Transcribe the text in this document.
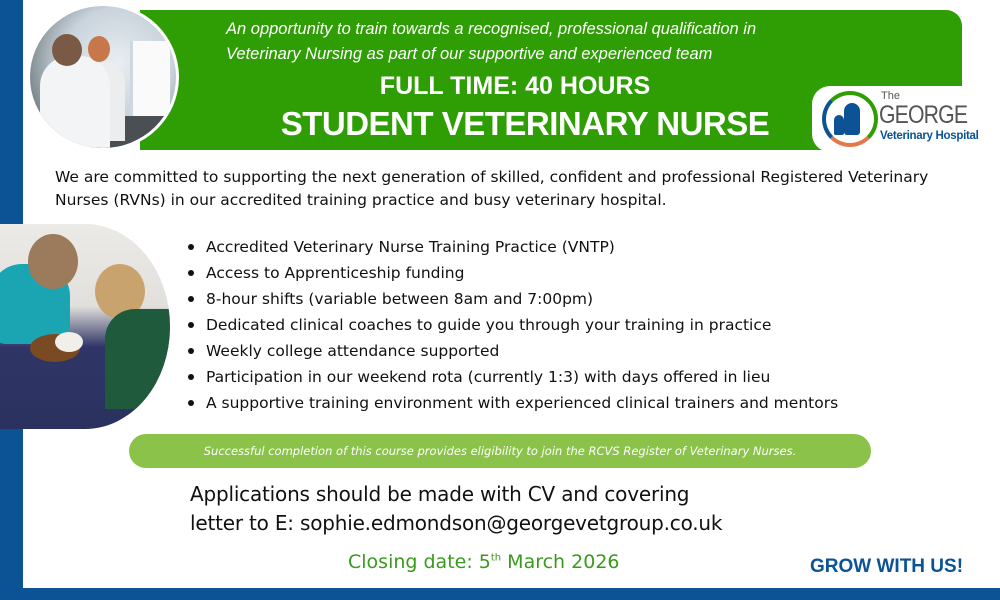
An opportunity to train towards a recognised, professional qualification in Veterinary Nursing as part of our supportive and experienced team
FULL TIME: 40 HOURS
STUDENT VETERINARY NURSE
The
GEORGE
Veterinary Hospital

We are committed to supporting the next generation of skilled, confident and professional Registered Veterinary Nurses (RVNs) in our accredited training practice and busy veterinary hospital.

Accredited Veterinary Nurse Training Practice (VNTP)
Access to Apprenticeship funding
8-hour shifts (variable between 8am and 7:00pm)
Dedicated clinical coaches to guide you through your training in practice
Weekly college attendance supported
Participation in our weekend rota (currently 1:3) with days offered in lieu
A supportive training environment with experienced clinical trainers and mentors
Successful completion of this course provides eligibility to join the RCVS Register of Veterinary Nurses.
Applications should be made with CV and covering
letter to E: sophie.edmondson@georgevetgroup.co.uk
Closing date: 5th March 2026	GROW WITH US!
